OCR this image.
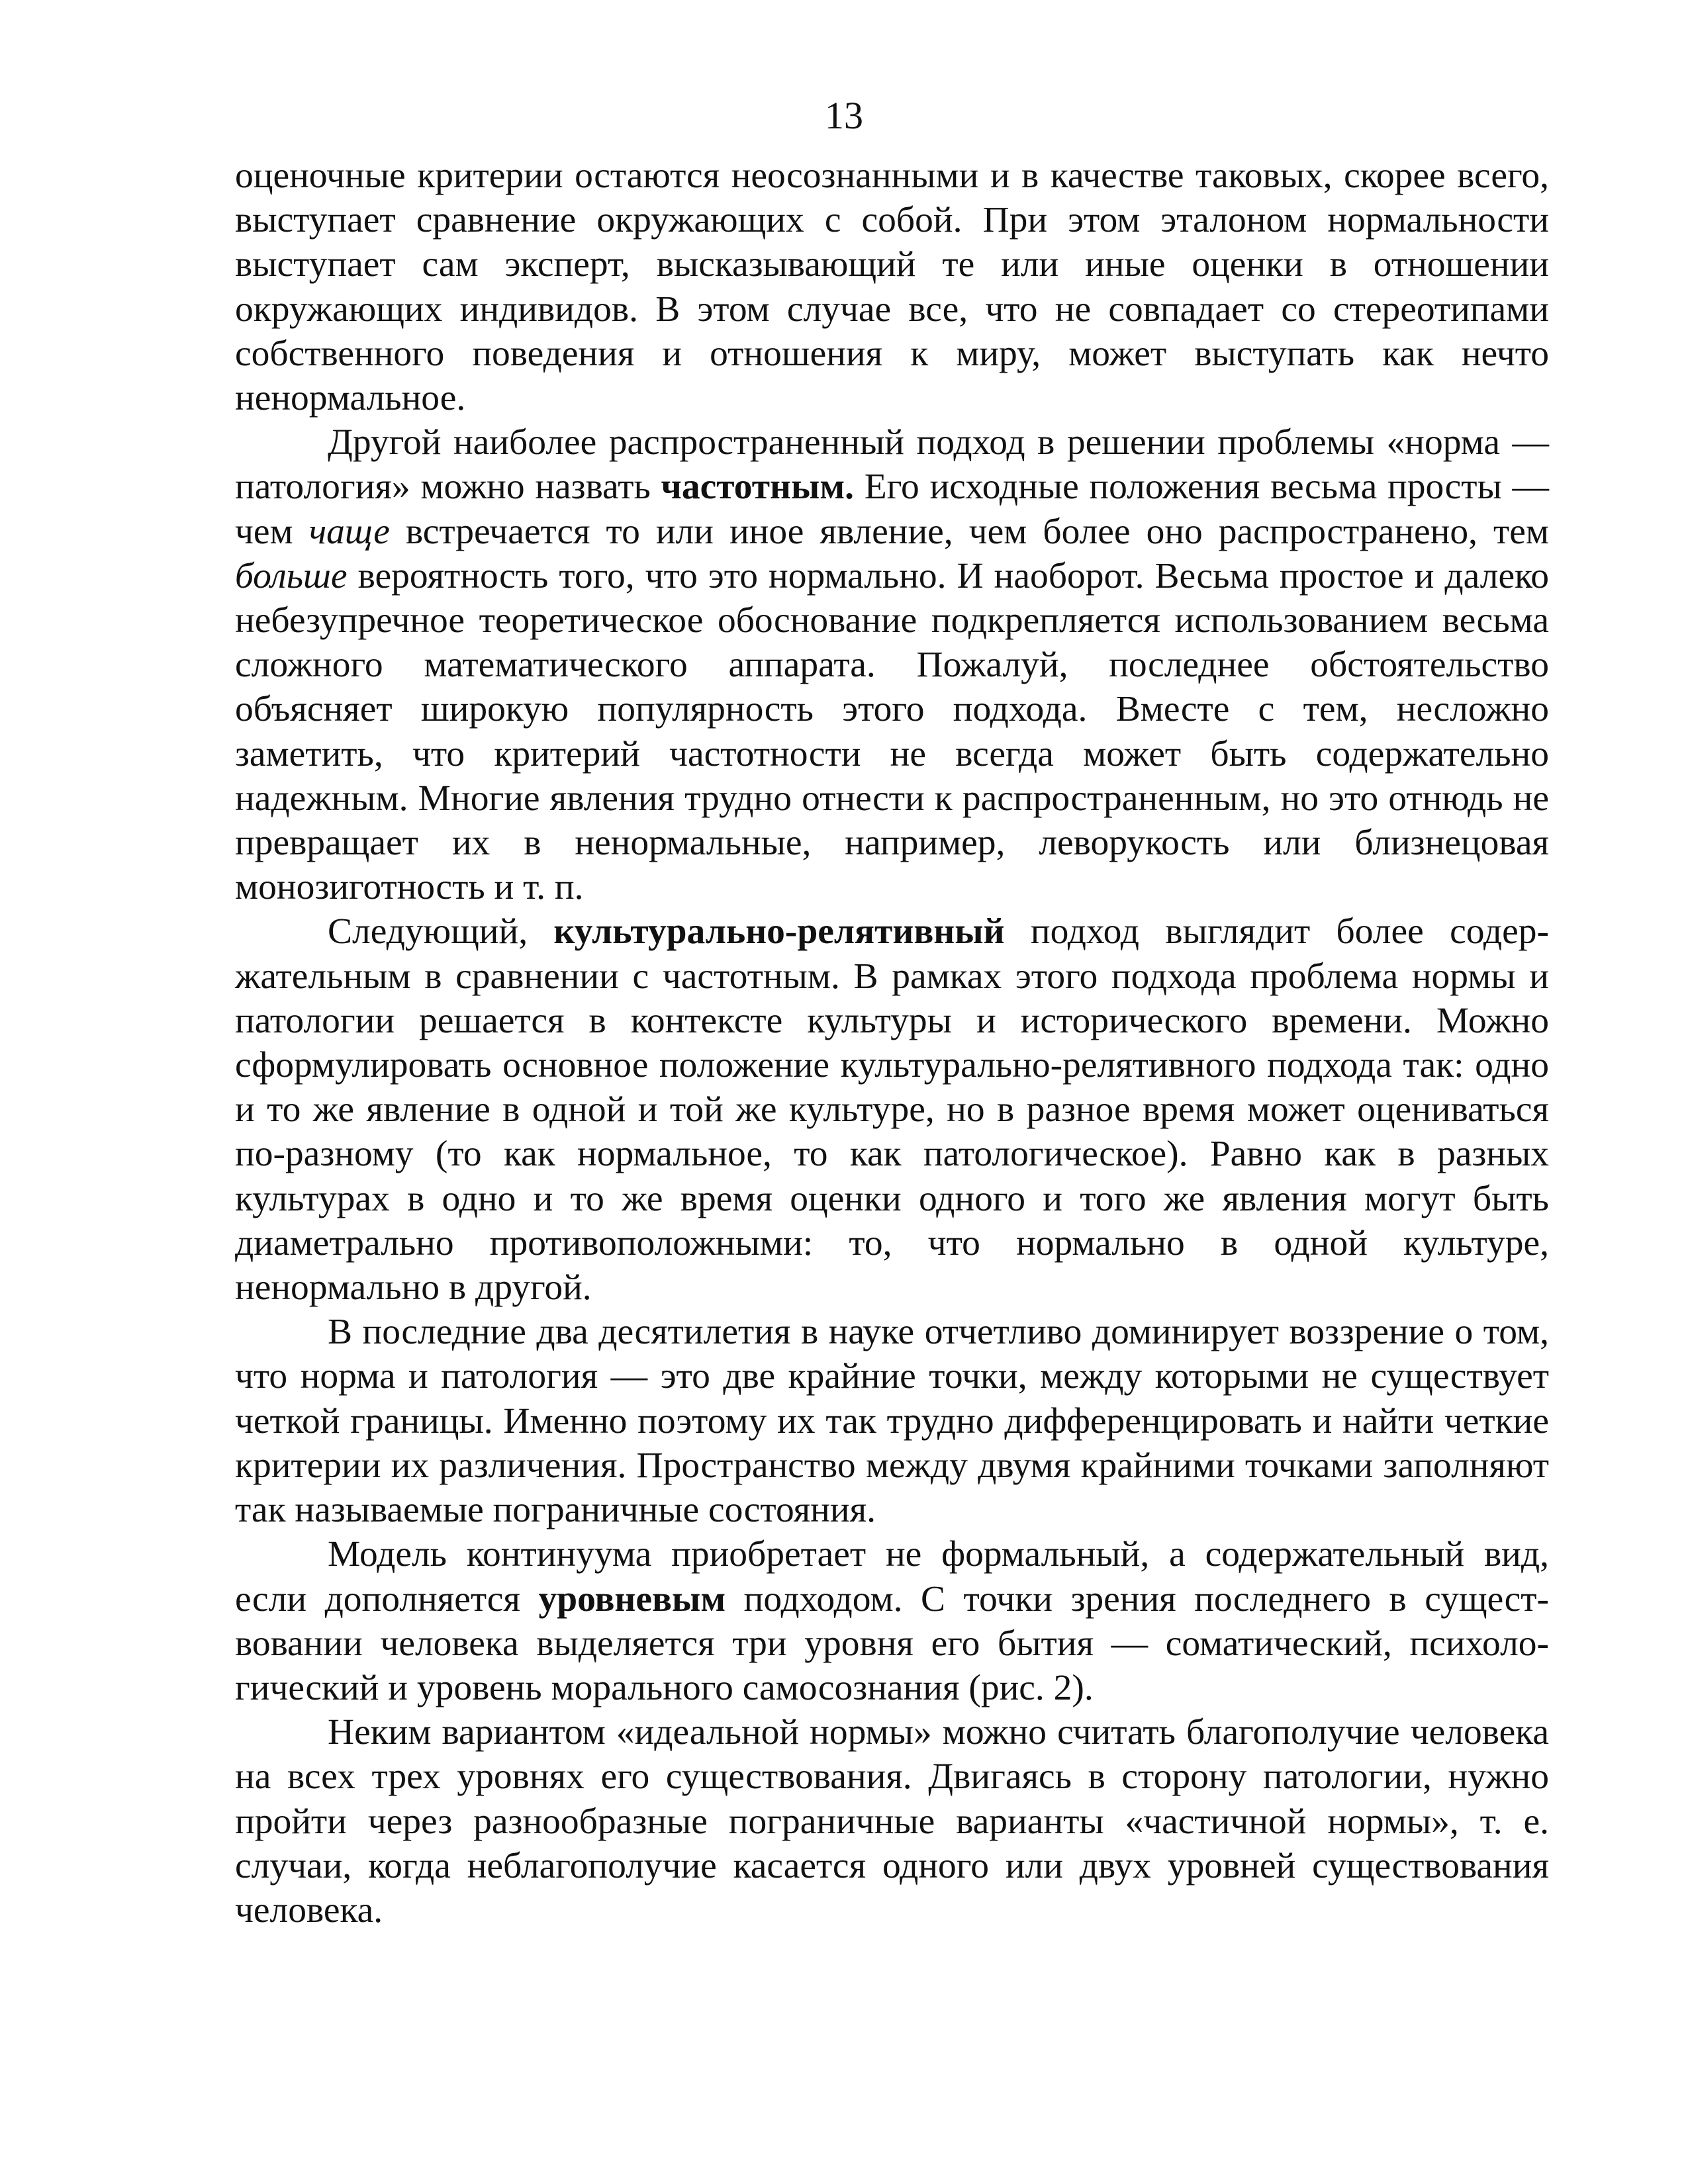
13

оценочные критерии остаются неосознанными и в качестве таковых, скорее всего, выступает сравнение окружающих с собой. При этом эталоном нормальности выступает сам эксперт, высказывающий те или иные оценки в отношении окружающих индивидов. В этом случае все, что не совпадает со стереотипами собственного поведения и отношения к миру, может выступать как нечто ненормальное.

Другой наиболее распространенный подход в решении проблемы «норма — патология» можно назвать частотным. Его исходные положения весьма просты — чем чаще встречается то или иное явление, чем более оно распространено, тем больше вероятность того, что это нормально. И наоборот. Весьма простое и далеко небезупречное теоретическое обоснование подкрепляется использованием весьма сложного математического аппарата. Пожалуй, последнее обстоятельство объясняет широкую популярность этого подхода. Вместе с тем, несложно заметить, что критерий частотности не всегда может быть содержательно надежным. Многие явления трудно отнести к распространенным, но это отнюдь не превращает их в ненормальные, например, леворукость или близнецовая монозиготность и т. п.

Следующий, культурально-релятивный подход выглядит более содержательным в сравнении с частотным. В рамках этого подхода проблема нормы и патологии решается в контексте культуры и исторического времени. Можно сформулировать основное положение культурально-релятивного подхода так: одно и то же явление в одной и той же культуре, но в разное время может оцениваться по-разному (то как нормальное, то как патологическое). Равно как в разных культурах в одно и то же время оценки одного и того же явления могут быть диаметрально противоположными: то, что нормально в одной культуре, ненормально в другой.

В последние два десятилетия в науке отчетливо доминирует воззрение о том, что норма и патология — это две крайние точки, между которыми не существует четкой границы. Именно поэтому их так трудно дифференцировать и найти четкие критерии их различения. Пространство между двумя крайними точками заполняют так называемые пограничные состояния.

Модель континуума приобретает не формальный, а содержательный вид, если дополняется уровневым подходом. С точки зрения последнего в существовании человека выделяется три уровня его бытия — соматический, психологический и уровень морального самосознания (рис. 2).

Неким вариантом «идеальной нормы» можно считать благополучие человека на всех трех уровнях его существования. Двигаясь в сторону патологии, нужно пройти через разнообразные пограничные варианты «частичной нормы», т. е. случаи, когда неблагополучие касается одного или двух уровней существования человека.
